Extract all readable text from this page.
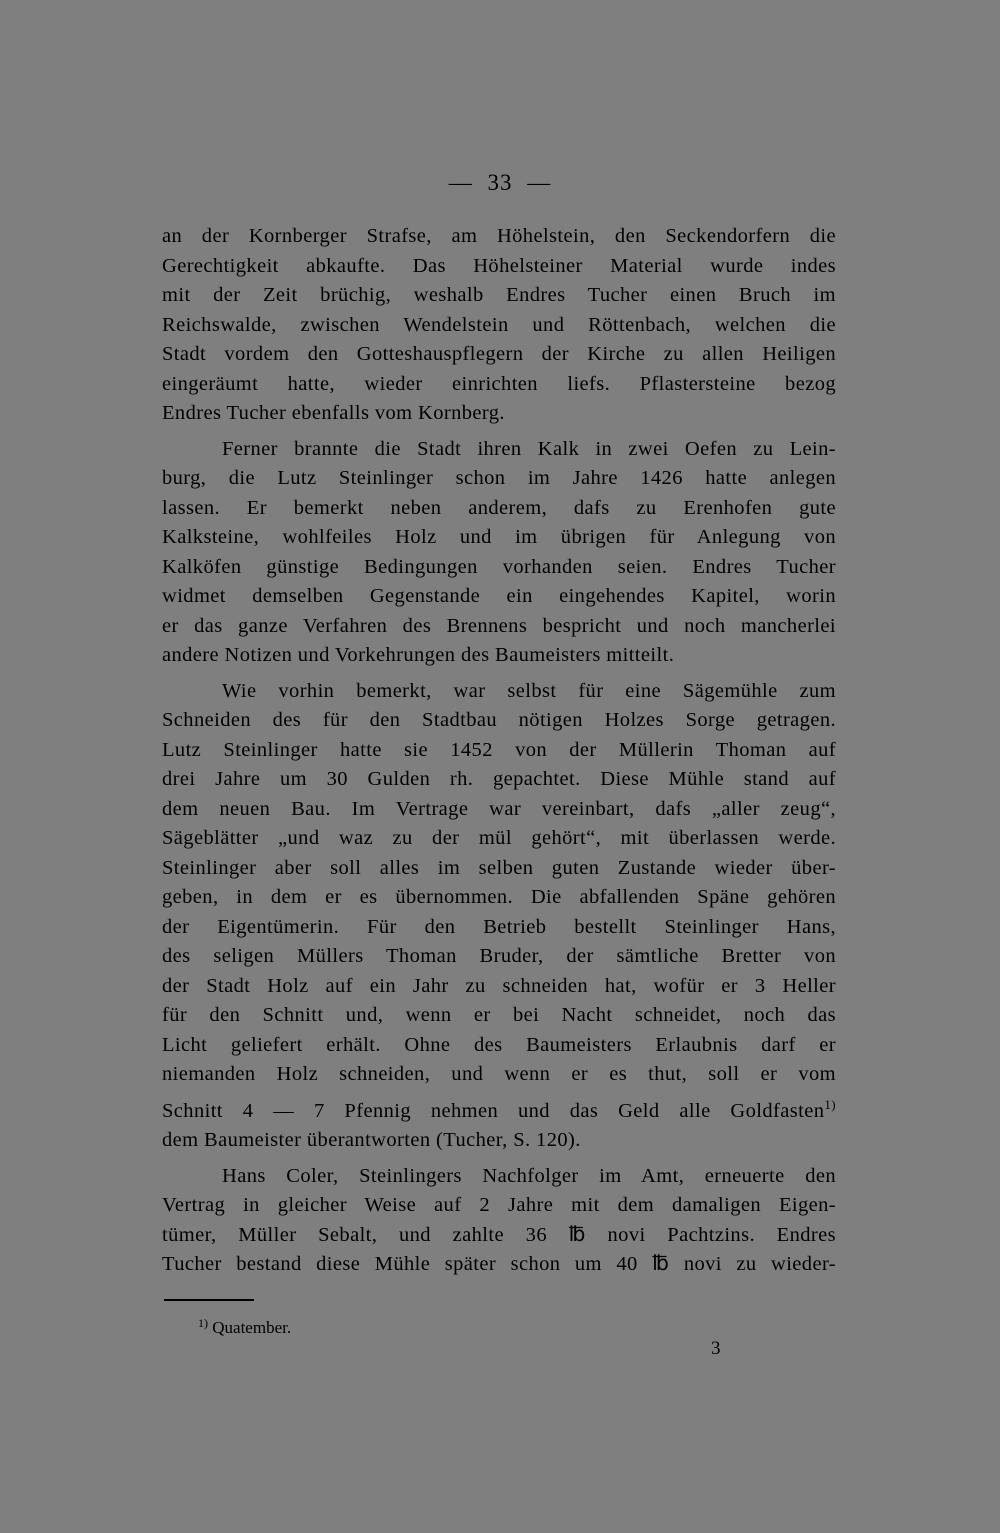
— 33 —

an der Kornberger Strafse, am Höhelstein, den Seckendorfern die
Gerechtigkeit abkaufte. Das Höhelsteiner Material wurde indes
mit der Zeit brüchig, weshalb Endres Tucher einen Bruch im
Reichswalde, zwischen Wendelstein und Röttenbach, welchen die
Stadt vordem den Gotteshauspflegern der Kirche zu allen Heiligen
eingeräumt hatte, wieder einrichten liefs. Pflastersteine bezog
Endres Tucher ebenfalls vom Kornberg.

Ferner brannte die Stadt ihren Kalk in zwei Oefen zu Lein-
burg, die Lutz Steinlinger schon im Jahre 1426 hatte anlegen
lassen. Er bemerkt neben anderem, dafs zu Erenhofen gute
Kalksteine, wohlfeiles Holz und im übrigen für Anlegung von
Kalköfen günstige Bedingungen vorhanden seien. Endres Tucher
widmet demselben Gegenstande ein eingehendes Kapitel, worin
er das ganze Verfahren des Brennens bespricht und noch mancherlei
andere Notizen und Vorkehrungen des Baumeisters mitteilt.

Wie vorhin bemerkt, war selbst für eine Sägemühle zum
Schneiden des für den Stadtbau nötigen Holzes Sorge getragen.
Lutz Steinlinger hatte sie 1452 von der Müllerin Thoman auf
drei Jahre um 30 Gulden rh. gepachtet. Diese Mühle stand auf
dem neuen Bau. Im Vertrage war vereinbart, dafs „aller zeug“,
Sägeblätter „und waz zu der mül gehört“, mit überlassen werde.
Steinlinger aber soll alles im selben guten Zustande wieder über-
geben, in dem er es übernommen. Die abfallenden Späne gehören
der Eigentümerin. Für den Betrieb bestellt Steinlinger Hans,
des seligen Müllers Thoman Bruder, der sämtliche Bretter von
der Stadt Holz auf ein Jahr zu schneiden hat, wofür er 3 Heller
für den Schnitt und, wenn er bei Nacht schneidet, noch das
Licht geliefert erhält. Ohne des Baumeisters Erlaubnis darf er
niemanden Holz schneiden, und wenn er es thut, soll er vom
Schnitt 4 — 7 Pfennig nehmen und das Geld alle Goldfasten$^{1)}$
dem Baumeister überantworten (Tucher, S. 120).

Hans Coler, Steinlingers Nachfolger im Amt, erneuerte den
Vertrag in gleicher Weise auf 2 Jahre mit dem damaligen Eigen-
tümer, Müller Sebalt, und zahlte 36 ℔ novi Pachtzins. Endres
Tucher bestand diese Mühle später schon um 40 ℔ novi zu wieder-

$^{1)}$ Quatember.
3
